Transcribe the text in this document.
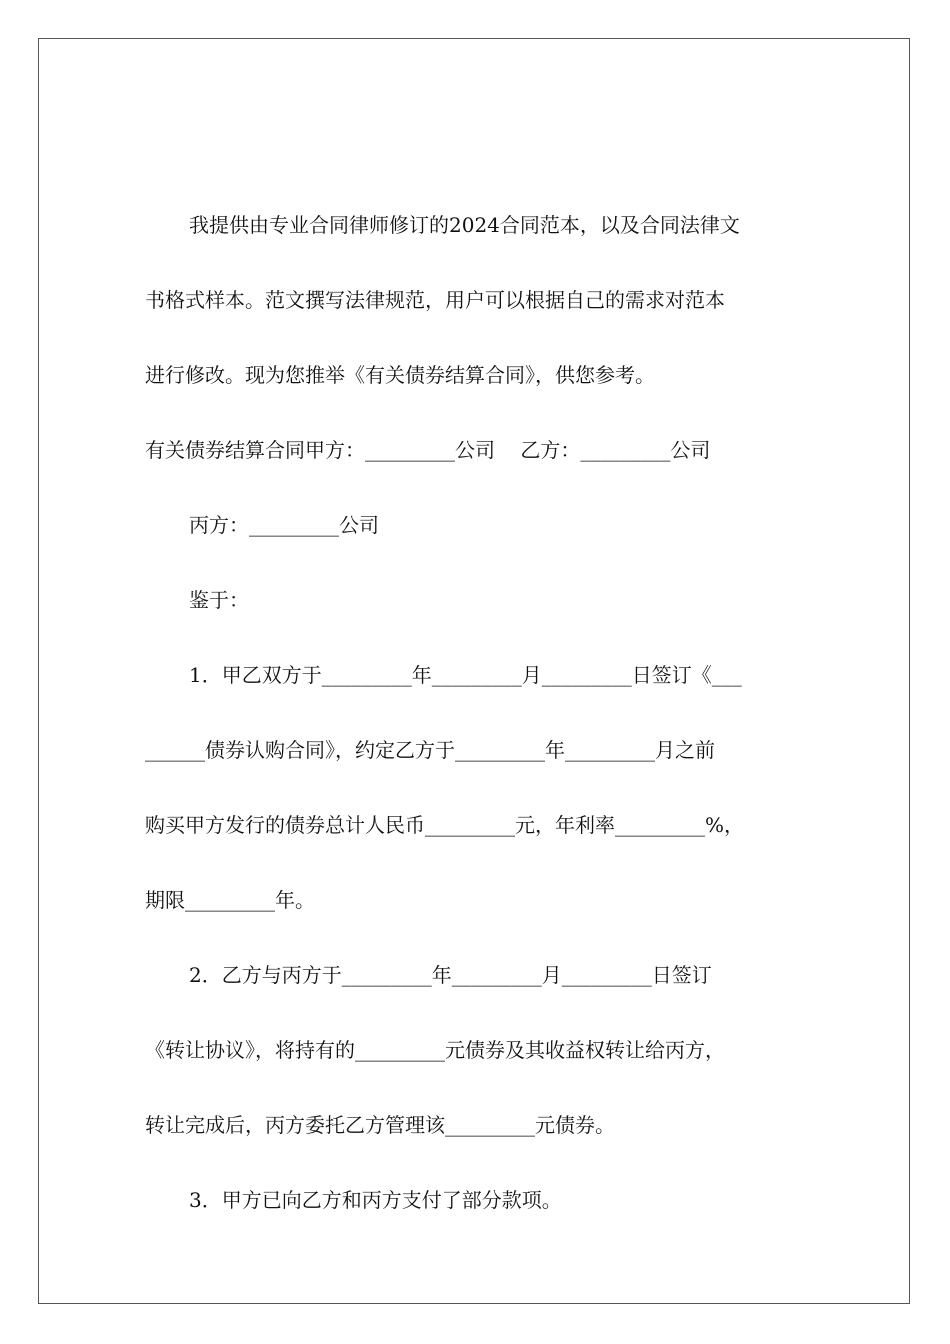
我提供由专业合同律师修订的2024合同范本，以及合同法律文

书格式样本。范文撰写法律规范，用户可以根据自己的需求对范本

进行修改。现为您推举《有关债券结算合同》，供您参考。

有关债券结算合同甲方：_________公司    乙方：_________公司

丙方：_________公司

鉴于：

1．甲乙双方于_________年_________月_________日签订《___

______债券认购合同》，约定乙方于_________年_________月之前

购买甲方发行的债券总计人民币_________元，年利率_________%，

期限_________年。

2．乙方与丙方于_________年_________月_________日签订

《转让协议》，将持有的_________元债券及其收益权转让给丙方，

转让完成后，丙方委托乙方管理该_________元债券。

3．甲方已向乙方和丙方支付了部分款项。
